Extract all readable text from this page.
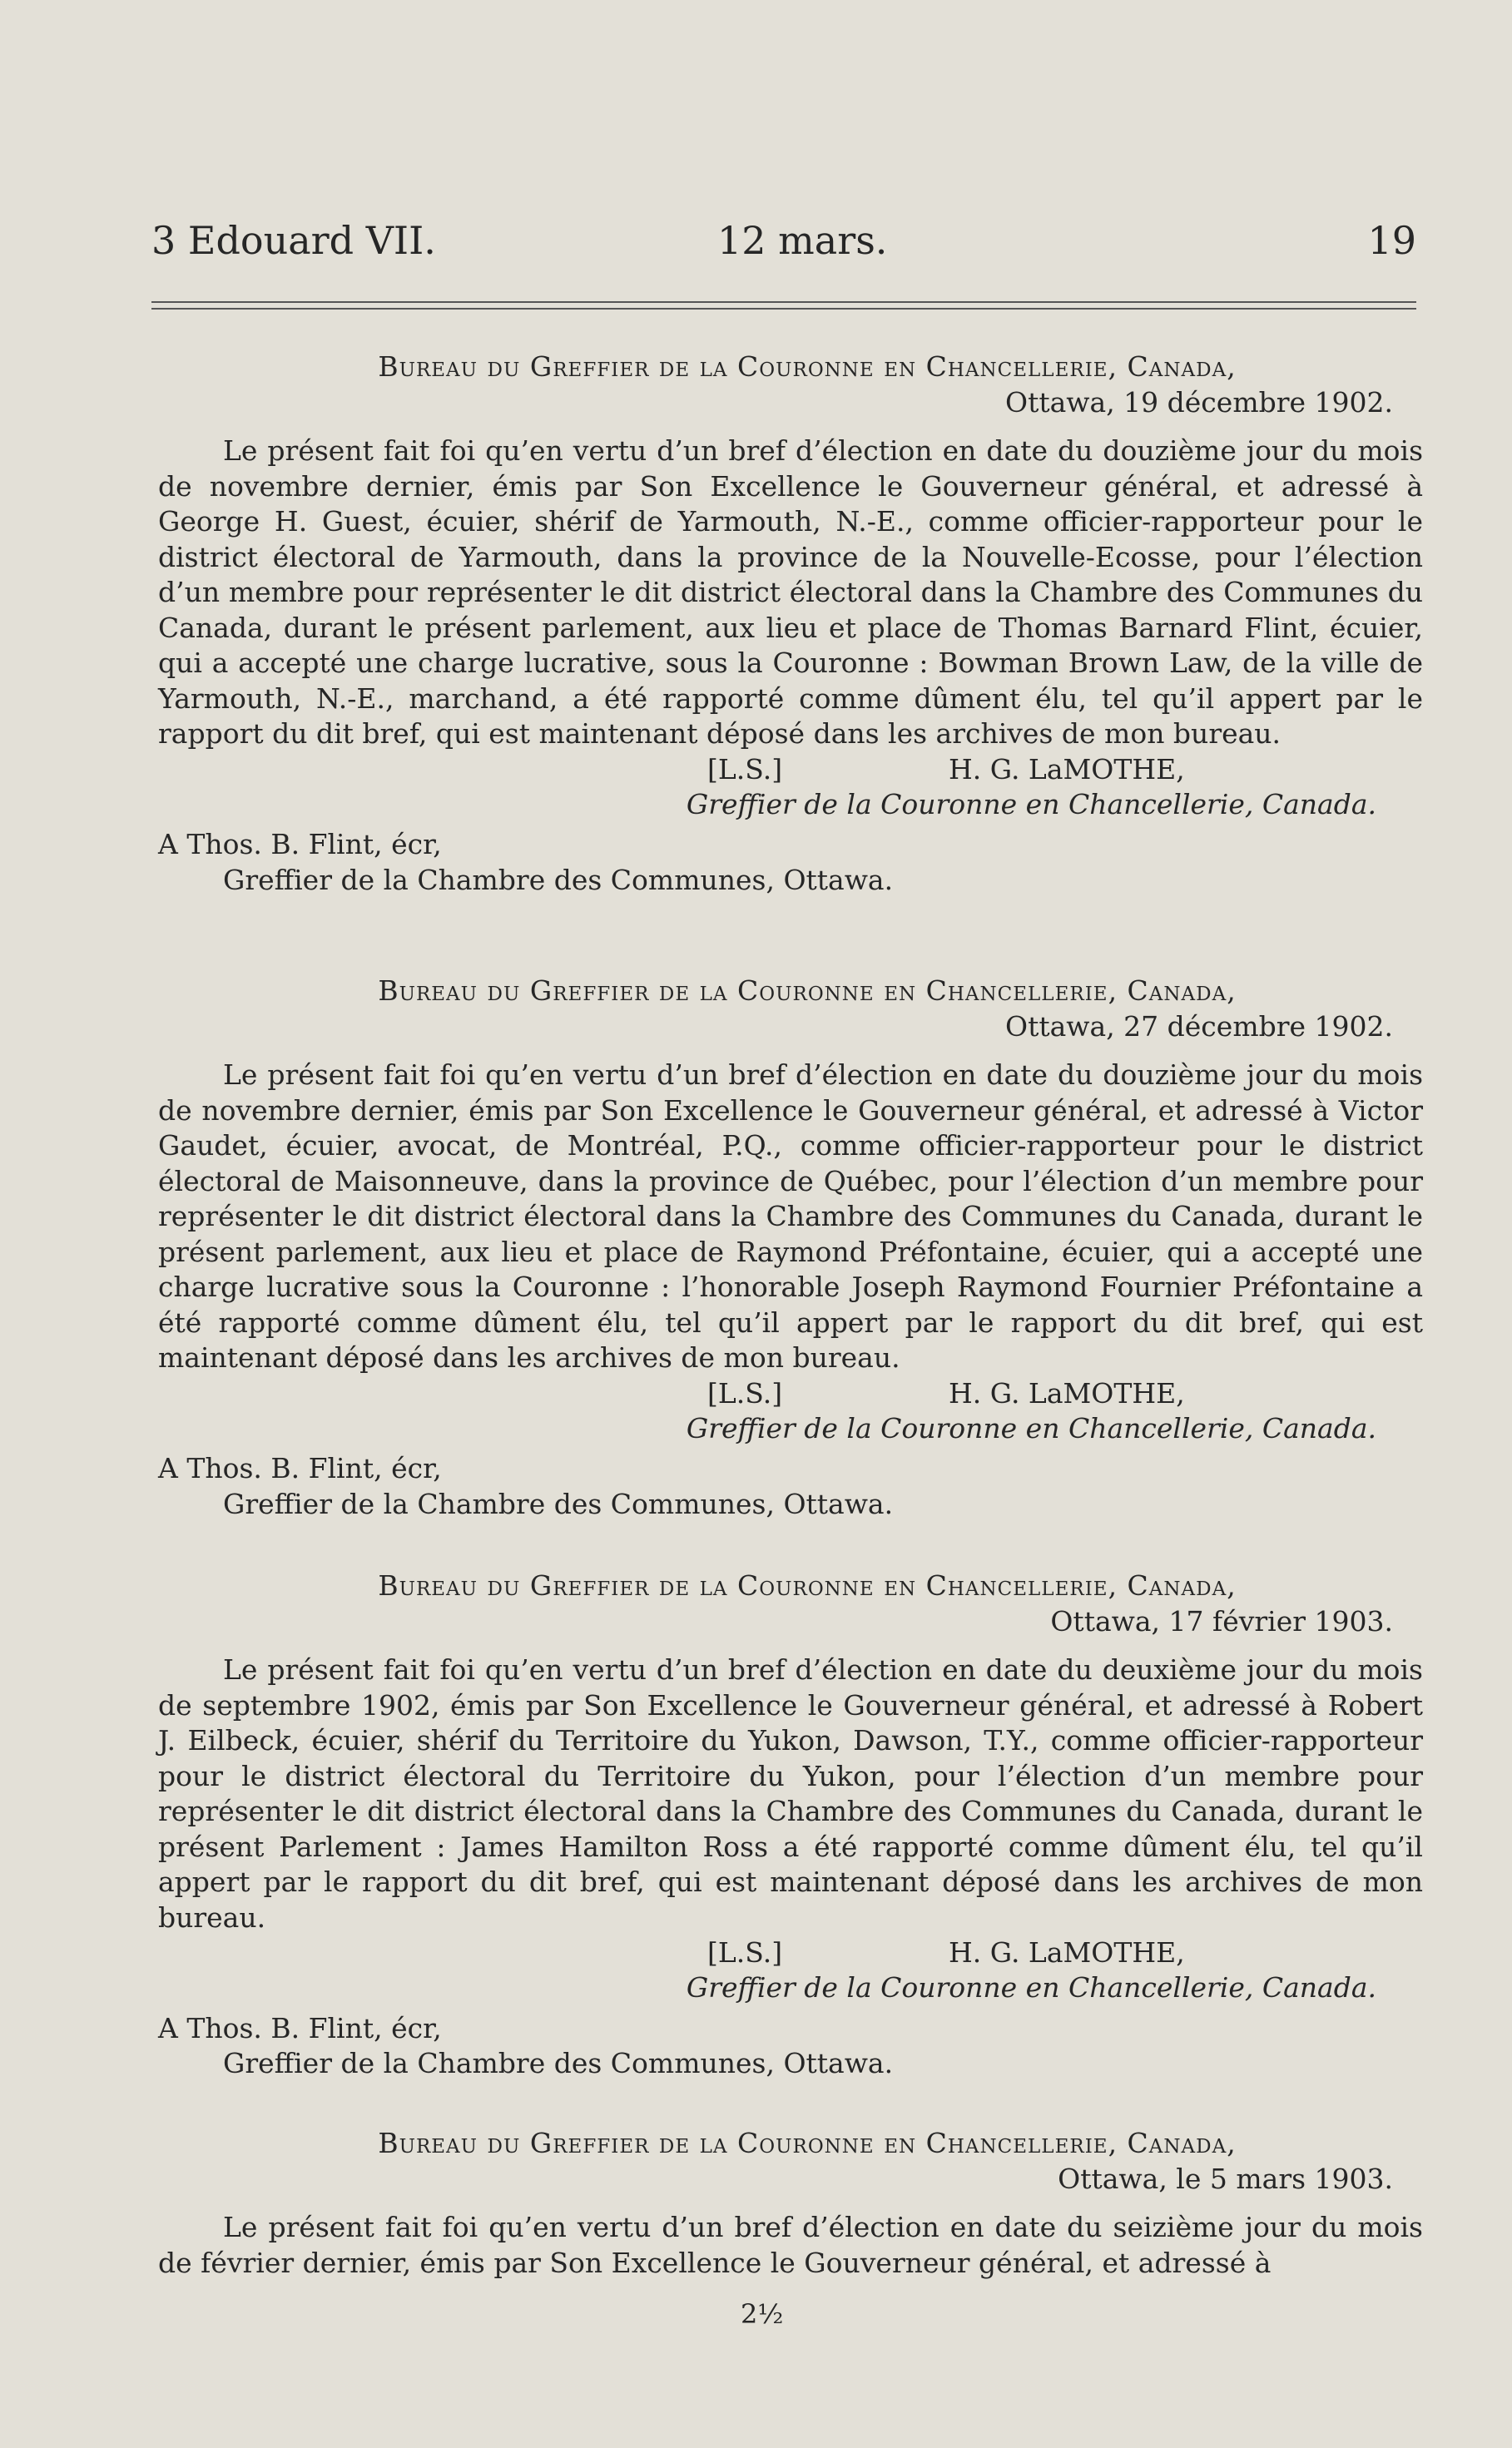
3 Edouard VII.	12 mars.	19
Bureau du Greffier de la Couronne en Chancellerie, Canada,
Ottawa, 19 décembre 1902.
Le présent fait foi qu’en vertu d’un bref d’élection en date du douzième jour du mois de novembre dernier, émis par Son Excellence le Gouverneur général, et adressé à George H. Guest, écuier, shérif de Yarmouth, N.-E., comme officier-rapporteur pour le district électoral de Yarmouth, dans la province de la Nouvelle-Ecosse, pour l’élection d’un membre pour représenter le dit district électoral dans la Chambre des Communes du Canada, durant le présent parlement, aux lieu et place de Thomas Barnard Flint, écuier, qui a accepté une charge lucrative, sous la Couronne : Bowman Brown Law, de la ville de Yarmouth, N.-E., marchand, a été rapporté comme dûment élu, tel qu’il appert par le rapport du dit bref, qui est maintenant déposé dans les archives de mon bureau.
[L.S.]	H. G. LaMOTHE,
Greffier de la Couronne en Chancellerie, Canada.
A Thos. B. Flint, écr,
Greffier de la Chambre des Communes, Ottawa.
Bureau du Greffier de la Couronne en Chancellerie, Canada,
Ottawa, 27 décembre 1902.
Le présent fait foi qu’en vertu d’un bref d’élection en date du douzième jour du mois de novembre dernier, émis par Son Excellence le Gouverneur général, et adressé à Victor Gaudet, écuier, avocat, de Montréal, P.Q., comme officier-rapporteur pour le district électoral de Maisonneuve, dans la province de Québec, pour l’élection d’un membre pour représenter le dit district électoral dans la Chambre des Communes du Canada, durant le présent parlement, aux lieu et place de Raymond Préfontaine, écuier, qui a accepté une charge lucrative sous la Couronne : l’honorable Joseph Raymond Fournier Préfontaine a été rapporté comme dûment élu, tel qu’il appert par le rapport du dit bref, qui est maintenant déposé dans les archives de mon bureau.
[L.S.]	H. G. LaMOTHE,
Greffier de la Couronne en Chancellerie, Canada.
A Thos. B. Flint, écr,
Greffier de la Chambre des Communes, Ottawa.
Bureau du Greffier de la Couronne en Chancellerie, Canada,
Ottawa, 17 février 1903.
Le présent fait foi qu’en vertu d’un bref d’élection en date du deuxième jour du mois de septembre 1902, émis par Son Excellence le Gouverneur général, et adressé à Robert J. Eilbeck, écuier, shérif du Territoire du Yukon, Dawson, T.Y., comme officier-rapporteur pour le district électoral du Territoire du Yukon, pour l’élection d’un membre pour représenter le dit district électoral dans la Chambre des Communes du Canada, durant le présent Parlement : James Hamilton Ross a été rapporté comme dûment élu, tel qu’il appert par le rapport du dit bref, qui est maintenant déposé dans les archives de mon bureau.
[L.S.]	H. G. LaMOTHE,
Greffier de la Couronne en Chancellerie, Canada.
A Thos. B. Flint, écr,
Greffier de la Chambre des Communes, Ottawa.
Bureau du Greffier de la Couronne en Chancellerie, Canada,
Ottawa, le 5 mars 1903.
Le présent fait foi qu’en vertu d’un bref d’élection en date du seizième jour du mois de février dernier, émis par Son Excellence le Gouverneur général, et adressé à
2½
